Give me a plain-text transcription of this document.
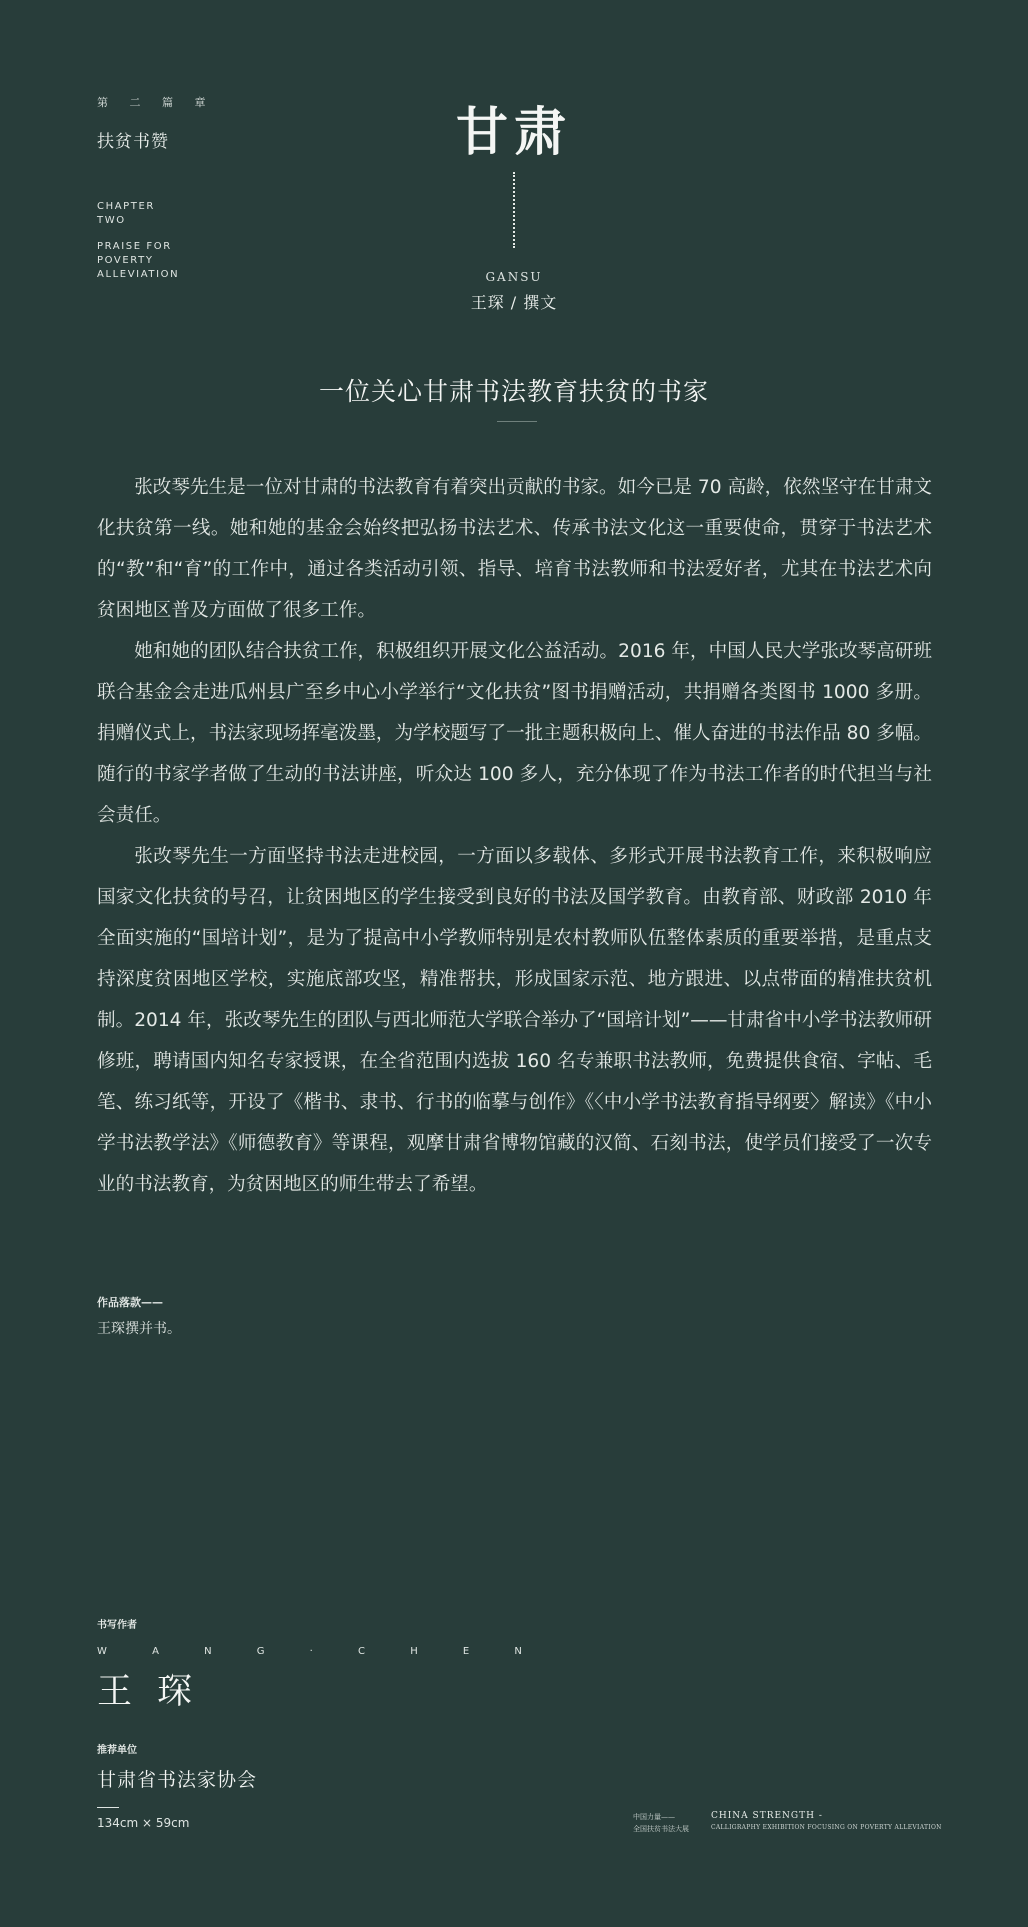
第 二 篇 章
扶贫书赞
CHAPTER
TWO
PRAISE FOR
POVERTY
ALLEVIATION
甘肃
GANSU
王琛 / 撰文
一位关心甘肃书法教育扶贫的书家

张改琴先生是一位对甘肃的书法教育有着突出贡献的书家。如今已是 70 高龄，依然坚守在甘肃文化扶贫第一线。她和她的基金会始终把弘扬书法艺术、传承书法文化这一重要使命，贯穿于书法艺术的“教”和“育”的工作中，通过各类活动引领、指导、培育书法教师和书法爱好者，尤其在书法艺术向贫困地区普及方面做了很多工作。

她和她的团队结合扶贫工作，积极组织开展文化公益活动。2016 年，中国人民大学张改琴高研班联合基金会走进瓜州县广至乡中心小学举行“文化扶贫”图书捐赠活动，共捐赠各类图书 1000 多册。捐赠仪式上，书法家现场挥毫泼墨，为学校题写了一批主题积极向上、催人奋进的书法作品 80 多幅。随行的书家学者做了生动的书法讲座，听众达 100 多人，充分体现了作为书法工作者的时代担当与社会责任。

张改琴先生一方面坚持书法走进校园，一方面以多载体、多形式开展书法教育工作，来积极响应国家文化扶贫的号召，让贫困地区的学生接受到良好的书法及国学教育。由教育部、财政部 2010 年全面实施的“国培计划”，是为了提高中小学教师特别是农村教师队伍整体素质的重要举措，是重点支持深度贫困地区学校，实施底部攻坚，精准帮扶，形成国家示范、地方跟进、以点带面的精准扶贫机制。2014 年，张改琴先生的团队与西北师范大学联合举办了“国培计划”——甘肃省中小学书法教师研修班，聘请国内知名专家授课，在全省范围内选拔 160 名专兼职书法教师，免费提供食宿、字帖、毛笔、练习纸等，开设了《楷书、隶书、行书的临摹与创作》《〈中小学书法教育指导纲要〉解读》《中小学书法教学法》《师德教育》等课程，观摩甘肃省博物馆藏的汉简、石刻书法，使学员们接受了一次专业的书法教育，为贫困地区的师生带去了希望。

作品落款——
王琛撰并书。
书写作者
W A N G · C H E N
王 琛
推荐单位
甘肃省书法家协会
134cm × 59cm	中国力量——
全国扶贫书法大展
CHINA STRENGTH -
CALLIGRAPHY EXHIBITION FOCUSING ON POVERTY ALLEVIATION
